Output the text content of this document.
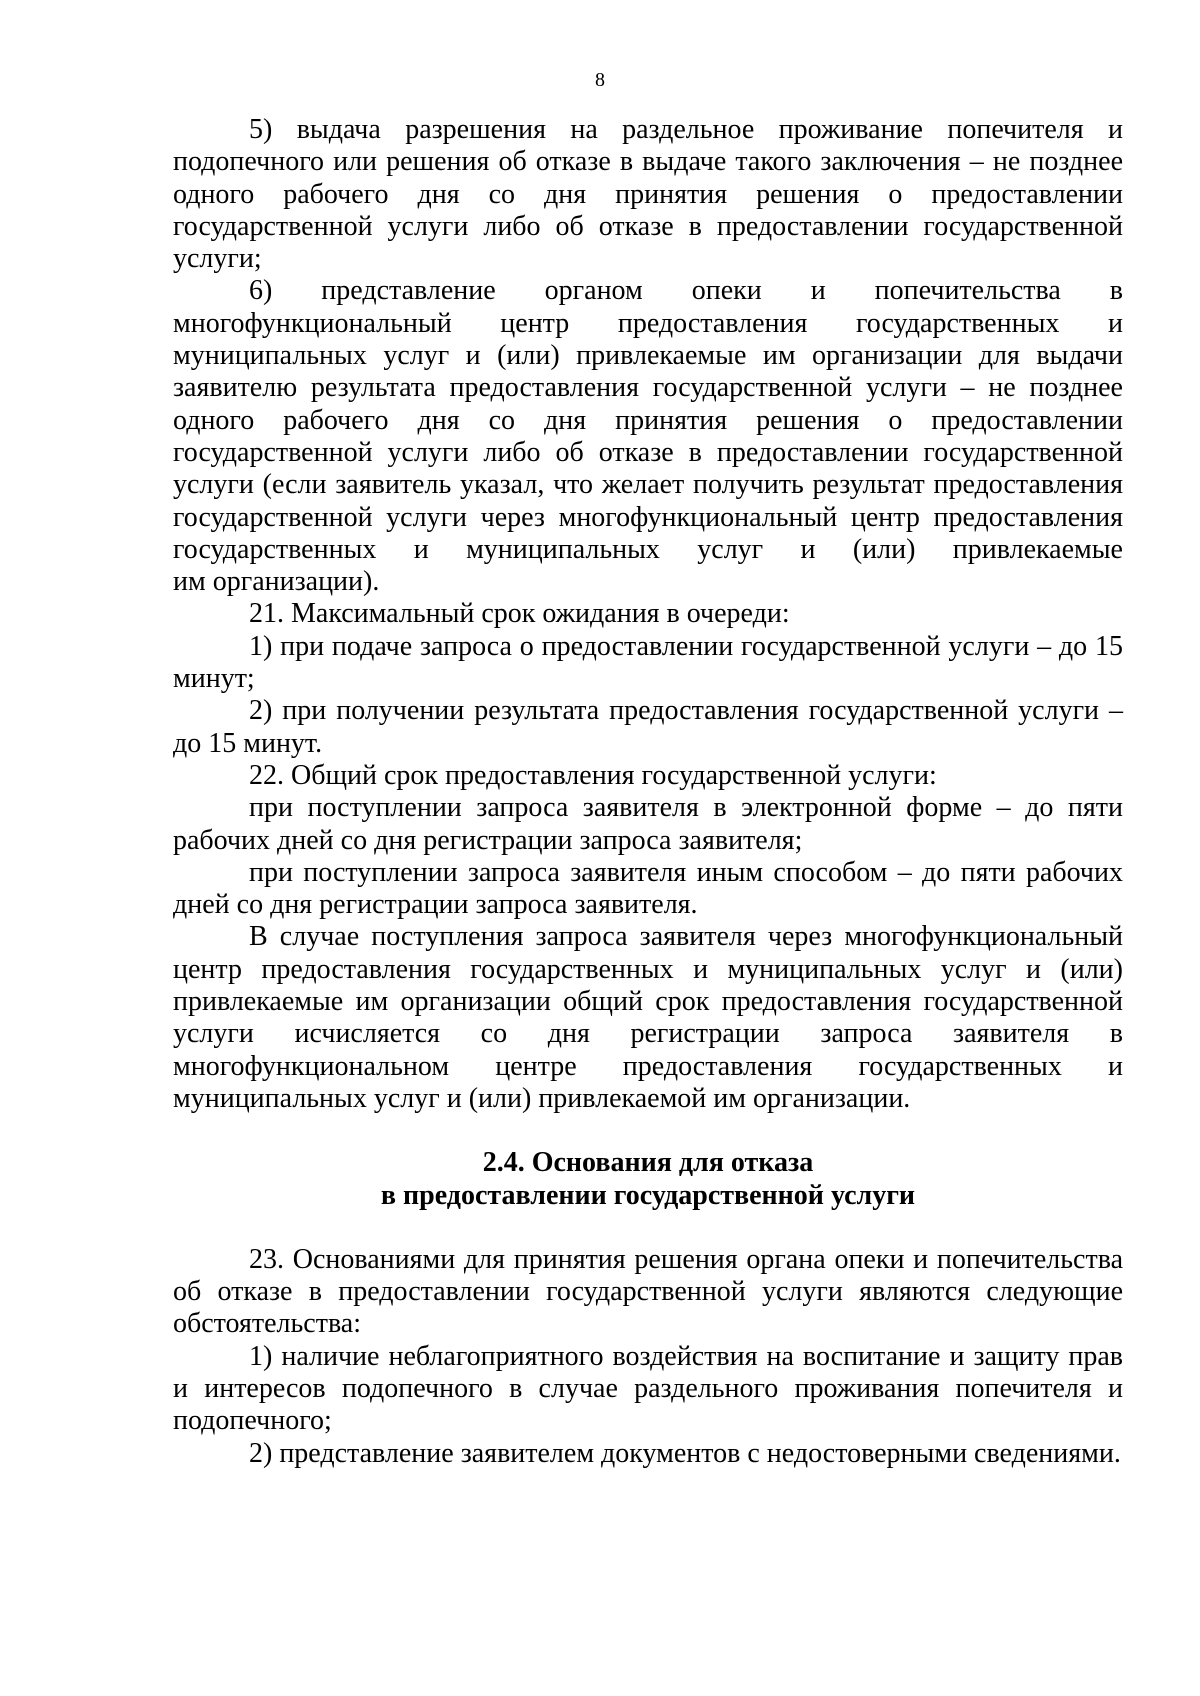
8

5) выдача разрешения на раздельное проживание попечителя и подопечного или решения об отказе в выдаче такого заключения – не позднее одного рабочего дня со дня принятия решения о предоставлении государственной услуги либо об отказе в предоставлении государственной услуги;

6) представление органом опеки и попечительства в многофункциональный центр предоставления государственных и муниципальных услуг и (или) привлекаемые им организации для выдачи заявителю результата предоставления государственной услуги – не позднее одного рабочего дня со дня принятия решения о предоставлении государственной услуги либо об отказе в предоставлении государственной услуги (если заявитель указал, что желает получить результат предоставления государственной услуги через многофункциональный центр предоставления государственных и муниципальных услуг и (или) привлекаемые

им организации).

21. Максимальный срок ожидания в очереди:

1) при подаче запроса о предоставлении государственной услуги – до 15 минут;

2) при получении результата предоставления государственной услуги – до 15 минут.

22. Общий срок предоставления государственной услуги:

при поступлении запроса заявителя в электронной форме – до пяти рабочих дней со дня регистрации запроса заявителя;

при поступлении запроса заявителя иным способом – до пяти рабочих дней со дня регистрации запроса заявителя.

В случае поступления запроса заявителя через многофункциональный центр предоставления государственных и муниципальных услуг и (или) привлекаемые им организации общий срок предоставления государственной услуги исчисляется со дня регистрации запроса заявителя в многофункциональном центре предоставления государственных и муниципальных услуг и (или) привлекаемой им организации.

2.4. Основания для отказа
в предоставлении государственной услуги

23. Основаниями для принятия решения органа опеки и попечительства об отказе в предоставлении государственной услуги являются следующие обстоятельства:

1) наличие неблагоприятного воздействия на воспитание и защиту прав и интересов подопечного в случае раздельного проживания попечителя и подопечного;

2) представление заявителем документов с недостоверными сведениями.
